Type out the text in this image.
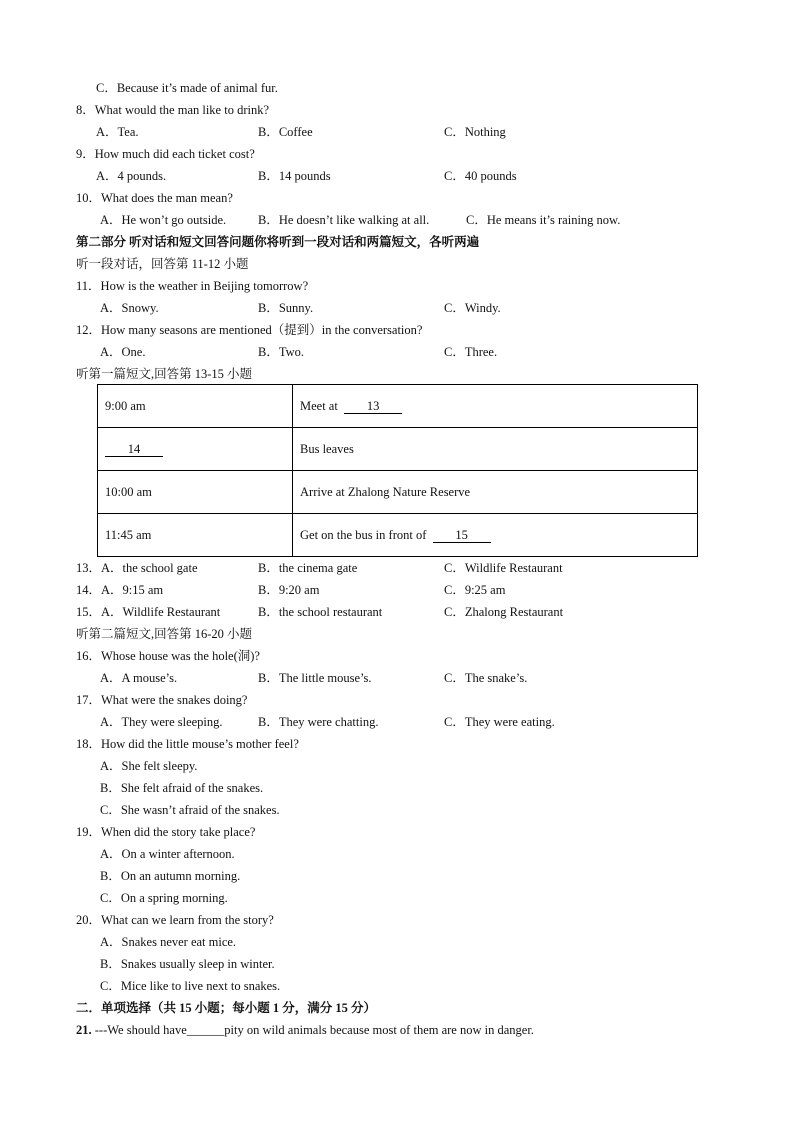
C．Because it’s made of animal fur.
8．What would the man like to drink?
A．Tea.	B．Coffee	C．Nothing
9．How much did each ticket cost?
A．4 pounds.	B．14 pounds	C．40 pounds
10．What does the man mean?
A．He won’t go outside.	B．He doesn’t like walking at all.	C．He means it’s raining now.
第二部分 听对话和短文回答问题你将听到一段对话和两篇短文，各听两遍
听一段对话，回答第 11-12 小题
11．How is the weather in Beijing tomorrow?
A．Snowy.	B．Sunny.	C．Windy.
12．How many seasons are mentioned（提到）in the conversation?
A．One.	B．Two.	C．Three.
听第一篇短文,回答第 13-15 小题
9:00 am	Meet at 13
14	Bus leaves
10:00 am	Arrive at Zhalong Nature Reserve
11:45 am	Get on the bus in front of 15
13．A．the school gate	B．the cinema gate	C．Wildlife Restaurant
14．A．9:15 am	B．9:20 am	C．9:25 am
15．A．Wildlife Restaurant	B．the school restaurant	C．Zhalong Restaurant
听第二篇短文,回答第 16-20 小题
16．Whose house was the hole(洞)?
A．A mouse’s.	B．The little mouse’s.	C．The snake’s.
17．What were the snakes doing?
A．They were sleeping.	B．They were chatting.	C．They were eating.
18．How did the little mouse’s mother feel?
A．She felt sleepy.
B．She felt afraid of the snakes.
C．She wasn’t afraid of the snakes.
19．When did the story take place?
A．On a winter afternoon.
B．On an autumn morning.
C．On a spring morning.
20．What can we learn from the story?
A．Snakes never eat mice.
B．Snakes usually sleep in winter.
C．Mice like to live next to snakes.
二．单项选择（共 15 小题；每小题 1 分，满分 15 分）
21. ---We should have______pity on wild animals because most of them are now in danger.
